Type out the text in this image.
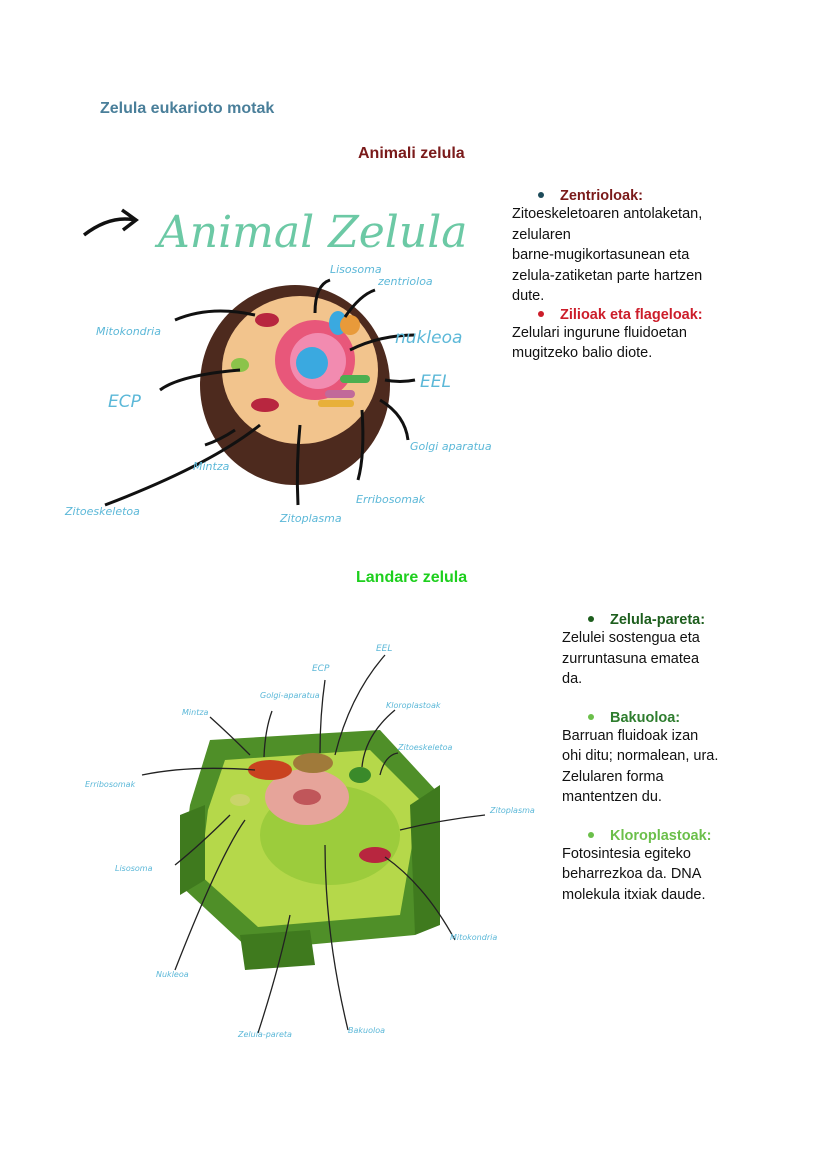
Zelula eukarioto motak
Animali zelula
Animal Zelula
Lisosoma
zentrioloa
Mitokondria	nukleoa
ECP
EEL
Golgi aparatua
Mintza
Erribosomak
Zitoeskeletoa
Zitoplasma
Zentrioloak:
Zitoeskeletoaren antolaketan,
zelularen
barne-mugikortasunean eta
zelula-zatiketan parte hartzen
dute.
Zilioak eta flageloak:
Zelulari ingurune fluidoetan
mugitzeko balio diote.
Landare zelula
ECP
EEL
Golgi-aparatua
Mintza
Kloroplastoak
Zitoeskeletoa
Erribosomak
Zitoplasma
Lisosoma
Mitokondria
Nukleoa
Zelula-pareta	Bakuoloa
Zelula-pareta:
Zelulei sostengua eta
zurruntasuna ematea
da.
Bakuoloa:
Barruan fluidoak izan
ohi ditu; normalean, ura.
Zelularen forma
mantentzen du.
Kloroplastoak:
Fotosintesia egiteko
beharrezkoa da. DNA
molekula itxiak daude.
